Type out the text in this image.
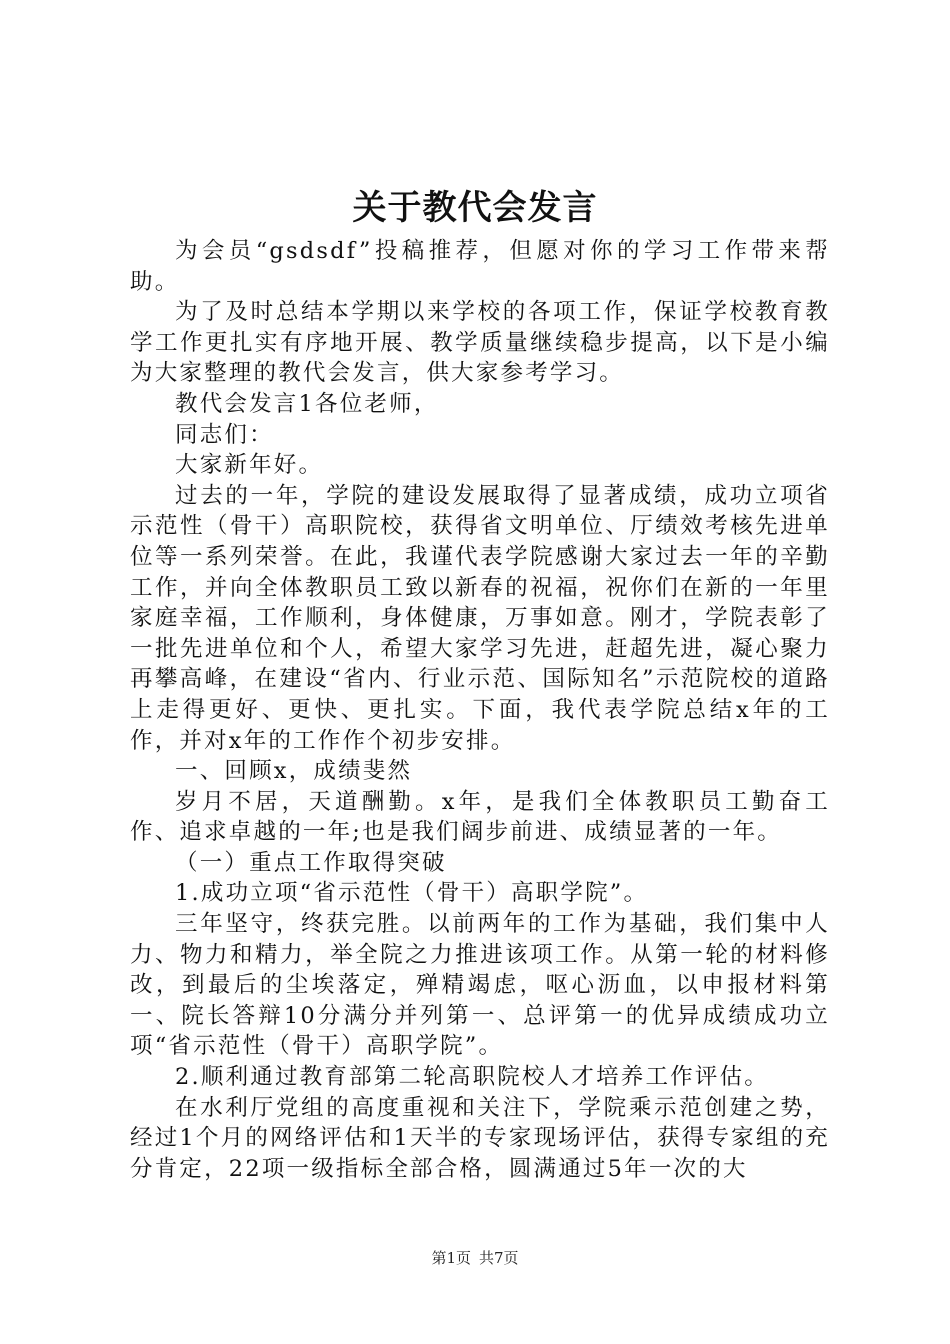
关于教代会发言

为会员“gsdsdf”投稿推荐，但愿对你的学习工作带来帮助。

为了及时总结本学期以来学校的各项工作，保证学校教育教学工作更扎实有序地开展、教学质量继续稳步提高，以下是小编为大家整理的教代会发言，供大家参考学习。

教代会发言1各位老师，

同志们：

大家新年好。

过去的一年，学院的建设发展取得了显著成绩，成功立项省示范性（骨干）高职院校，获得省文明单位、厅绩效考核先进单位等一系列荣誉。在此，我谨代表学院感谢大家过去一年的辛勤工作，并向全体教职员工致以新春的祝福，祝你们在新的一年里家庭幸福，工作顺利，身体健康，万事如意。刚才，学院表彰了一批先进单位和个人，希望大家学习先进，赶超先进，凝心聚力再攀高峰，在建设“省内、行业示范、国际知名”示范院校的道路上走得更好、更快、更扎实。下面，我代表学院总结x年的工作，并对x年的工作作个初步安排。

一、回顾x，成绩斐然

岁月不居，天道酬勤。x年，是我们全体教职员工勤奋工作、追求卓越的一年;也是我们阔步前进、成绩显著的一年。

（一）重点工作取得突破

1.成功立项“省示范性（骨干）高职学院”。

三年坚守，终获完胜。以前两年的工作为基础，我们集中人力、物力和精力，举全院之力推进该项工作。从第一轮的材料修改，到最后的尘埃落定，殚精竭虑，呕心沥血，以申报材料第一、院长答辩10分满分并列第一、总评第一的优异成绩成功立项“省示范性（骨干）高职学院”。

2.顺利通过教育部第二轮高职院校人才培养工作评估。

在水利厅党组的高度重视和关注下，学院乘示范创建之势，经过1个月的网络评估和1天半的专家现场评估，获得专家组的充分肯定，22项一级指标全部合格，圆满通过5年一次的大

第1页 共7页
